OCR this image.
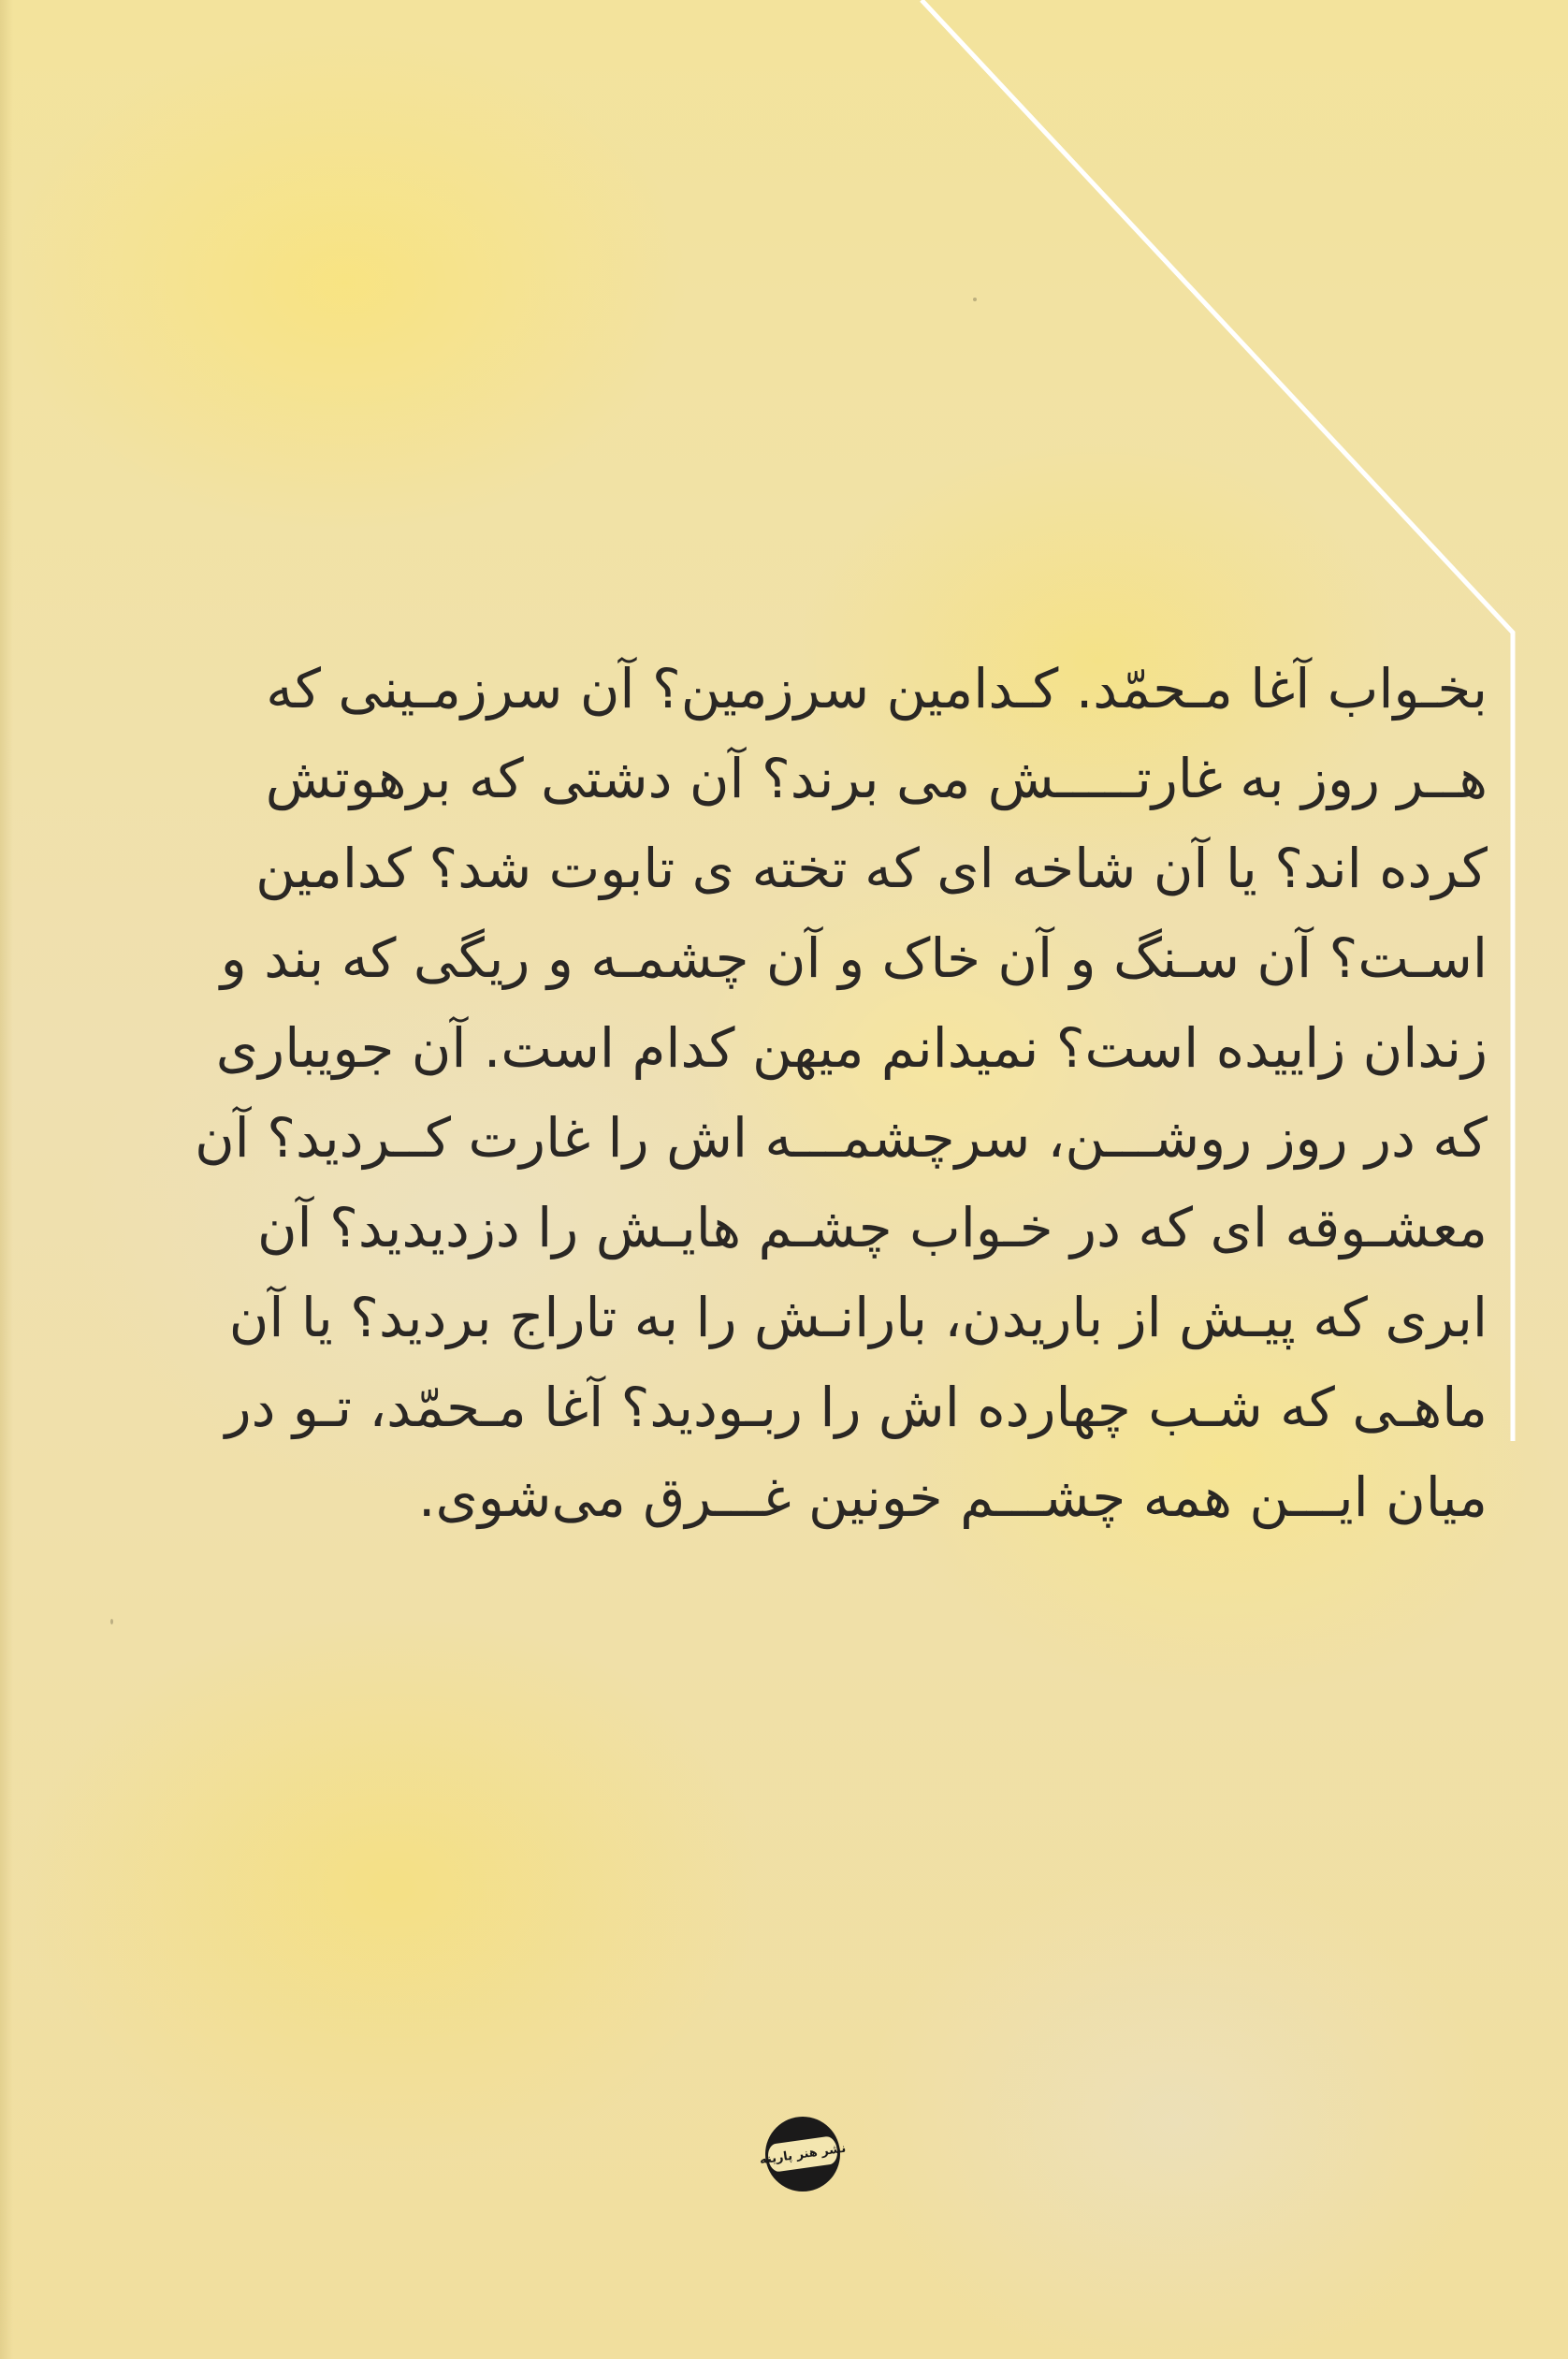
بخـواب آغا مـحمّد. کـدامین سرزمین؟ آن سرزمـینی که
هــر روز به غارتـــــش می برند؟ آن دشتی که برهوتش
کرده اند؟ یا آن شاخه ای که تخته ی تابوت شد؟ کدامین
اسـت؟ آن سـنگ و آن خاک و آن چشمـه و ریگی که بند و
زندان زاییده است؟ نمیدانم میهن کدام است. آن جویباری
که در روز روشـــن، سرچشمـــه اش را غارت کــردید؟ آن
معشـوقه ای که در خـواب چشـم هایـش را دزدیدید؟ آن
ابری که پیـش از باریدن، بارانـش را به تاراج بردید؟ یا آن
ماهـی که شـب چهارده اش را ربـودید؟ آغا مـحمّد، تـو در
میان ایـــن همه چشـــم خونین غـــرق می‌شوی.
نشر هنر پارینه
